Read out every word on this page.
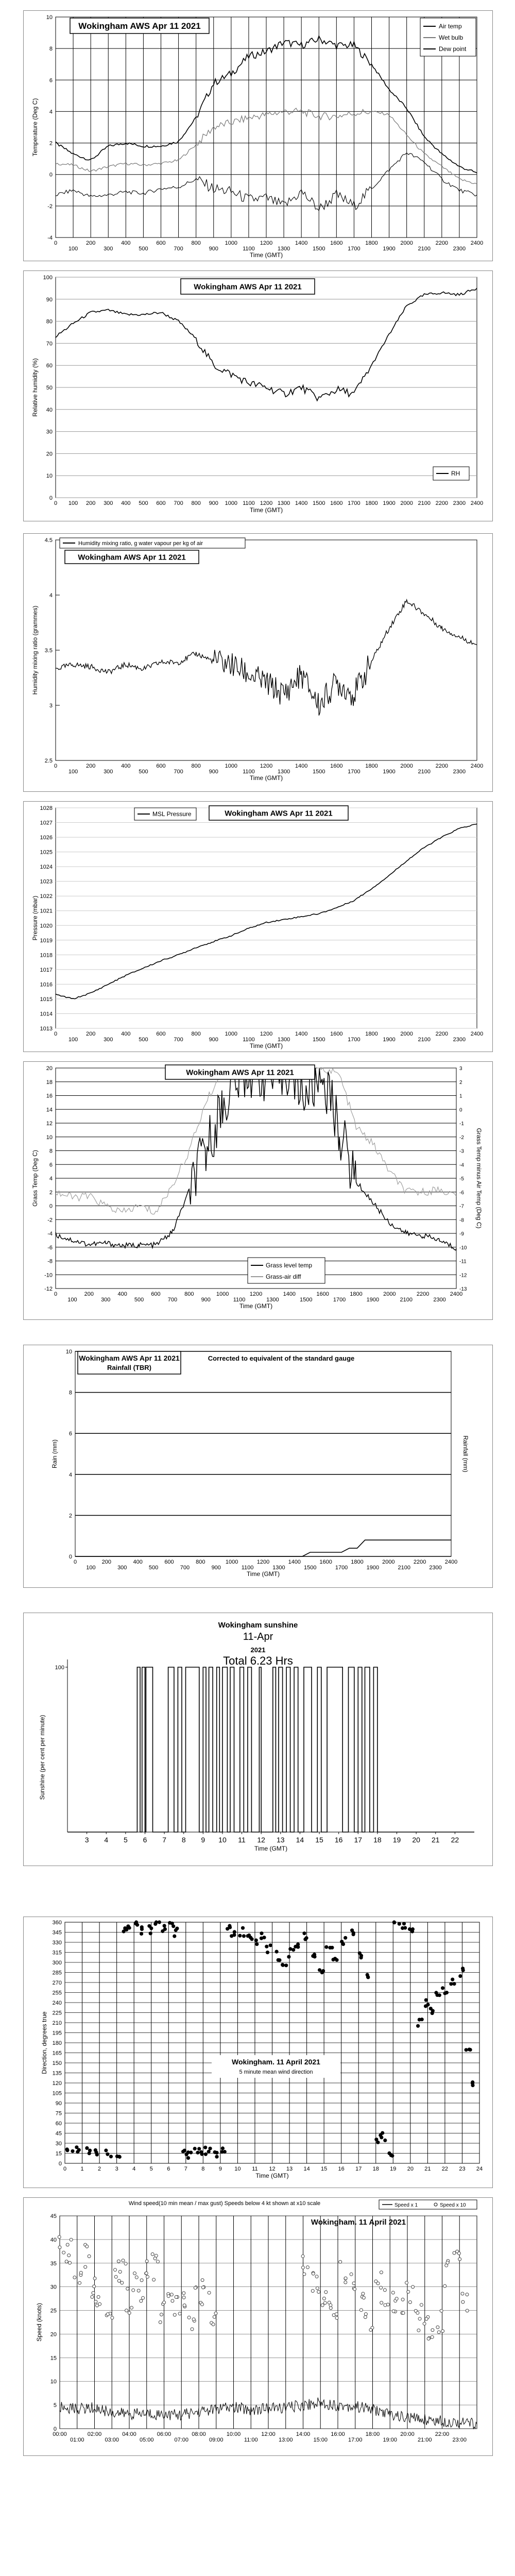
-4
-2
0
2
4
6
8
10
0
100
200
300
400
500
600
700
800
900
1000
1100
1200
1300
1400
1500
1600
1700
1800
1900
2000
2100
2200
2300
2400
Time (GMT)
Temperature (Deg C)
Wokingham AWS Apr 11 2021	Air temp
Wet bulb
Dew point
0
10
20
30
40
50
60
70
80
90
100
0 100 200 300 400 500 600 700 800 900 1000 1100 1200 1300 1400 1500 1600 1700 1800 1900 2000 2100 2200 2300 2400
Time (GMT)
Relative humidity (%)
Wokingham AWS Apr 11 2021
RH
2.5
3
3.5
4
4.5
0
100
200
300
400
500
600
700
800
900
1000
1100
1200
1300
1400
1500
1600
1700
1800
1900
2000
2100
2200
2300
2400
Time (GMT)
Humidity mixing ratio (grammes)
Humidity mixing ratio, g water vapour per kg of air
Wokingham AWS Apr 11 2021
1013
1014
1015
1016
1017
1018
1019
1020
1021
1022
1023
1024
1025
1026
1027
1028
0
100
200
300
400
500
600
700
800
900
1000
1100
1200
1300
1400
1500
1600
1700
1800
1900
2000
2100
2200
2300
2400
Time (GMT)
Pressure (mbar)
MSL Pressure	Wokingham AWS Apr 11 2021
-12
-10
-8
-6
-4
-2
0
2
4
6
8
10
12
14
16
18
20
0
100
200
300
400
500
600
700
800
900
1000
1100
1200
1300
1400
1500
1600
1700
1800
1900
2000
2100
2200
2300
2400
Time (GMT)
Grass Temp (Deg C)
-13
-12
-11
-10
-9
-8
-7
-6
-5
-4
-3
-2
-1
0
1
2
3
Grass Temp minus Air Temp (Deg C)
Wokingham AWS Apr 11 2021
Grass level temp
Grass-air diff
0
2
4
6
8
10
0
100
200
300
400
500
600
700
800
900
1000
1100
1200
1300
1400
1500
1600
1700
1800
1900
2000
2100
2200
2300
2400
Time (GMT)
Rain (mm)	Rainfall (mm)
Wokingham AWS Apr 11 2021
Rainfall (TBR)
Corrected to equivalent of the standard gauge
100
3 4 5 6 7 8 9 10 11 12 13 14 15 16 17 18 19 20 21 22
Time (GMT)
Sunshine (per cent per minute)
Wokingham sunshine
11-Apr
2021
Total 6.23 Hrs
0
15
30
45
60
75
90
105
120
135
150
165
180
195
210
225
240
255
270
285
300
315
330
345
360
0 1 2 3 4 5 6 7 8 9 10 11 12 13 14 15 16 17 18 19 20 21 22 23 24
Time (GMT)
Direction, degrees true	Wokingham. 11 April 2021
5 minute mean wind direction
0
5
10
15
20
25
30
35
40
45
00:00
01:00
02:00
03:00
04:00
05:00
06:00
07:00
08:00
09:00
10:00
11:00
12:00
13:00
14:00
15:00
16:00
17:00
18:00
19:00
20:00
21:00
22:00
23:00
Speed (knots)
Wind speed(10 min mean / max gust) Speeds below 4 kt shown at x10 scale
Wokingham. 11 April 2021
Speed x 1	Speed x 10
